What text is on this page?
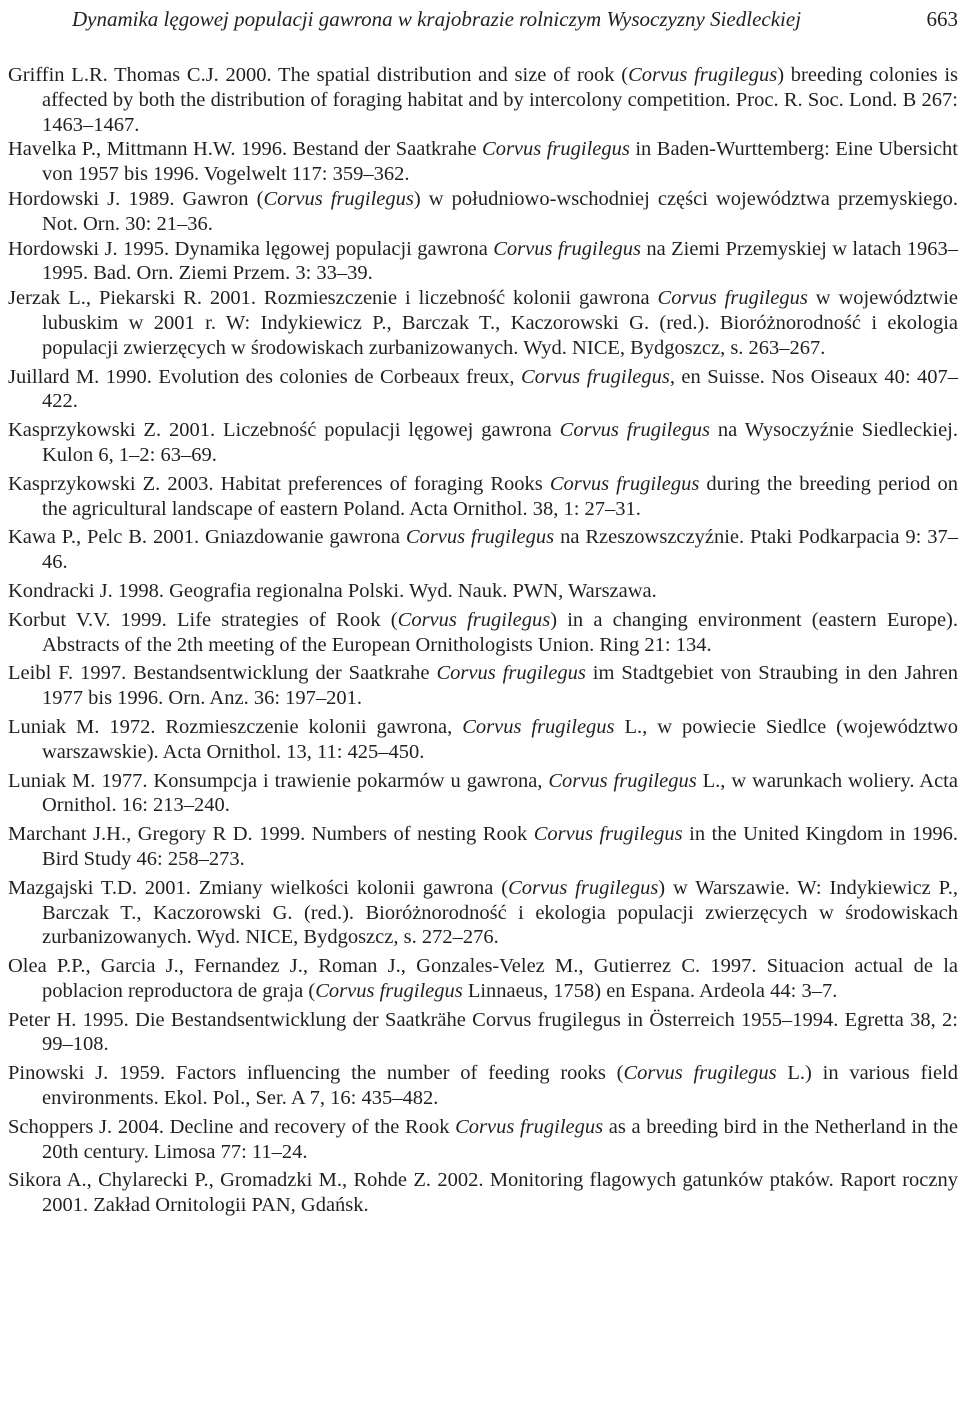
Dynamika lęgowej populacji gawrona w krajobrazie rolniczym Wysoczyzny Siedleckiej	663
Griffin L.R. Thomas C.J. 2000. The spatial distribution and size of rook (Corvus frugilegus) breeding colonies is affected by both the distribution of foraging habitat and by intercolony competition. Proc. R. Soc. Lond. B 267: 1463–1467.
Havelka P., Mittmann H.W. 1996. Bestand der Saatkrahe Corvus frugilegus in Baden-Wurttemberg: Eine Ubersicht von 1957 bis 1996. Vogelwelt 117: 359–362.
Hordowski J. 1989. Gawron (Corvus frugilegus) w południowo-wschodniej części województwa przemyskiego. Not. Orn. 30: 21–36.
Hordowski J. 1995. Dynamika lęgowej populacji gawrona Corvus frugilegus na Ziemi Przemyskiej w latach 1963–1995. Bad. Orn. Ziemi Przem. 3: 33–39.
Jerzak L., Piekarski R. 2001. Rozmieszczenie i liczebność kolonii gawrona Corvus frugilegus w województwie lubuskim w 2001 r. W: Indykiewicz P., Barczak T., Kaczorowski G. (red.). Bioróżnorodność i ekologia populacji zwierzęcych w środowiskach zurbanizowanych. Wyd. NICE, Bydgoszcz, s. 263–267.
Juillard M. 1990. Evolution des colonies de Corbeaux freux, Corvus frugilegus, en Suisse. Nos Oiseaux 40: 407–422.
Kasprzykowski Z. 2001. Liczebność populacji lęgowej gawrona Corvus frugilegus na Wysoczyźnie Siedleckiej. Kulon 6, 1–2: 63–69.
Kasprzykowski Z. 2003. Habitat preferences of foraging Rooks Corvus frugilegus during the breeding period on the agricultural landscape of eastern Poland. Acta Ornithol. 38, 1: 27–31.
Kawa P., Pelc B. 2001. Gniazdowanie gawrona Corvus frugilegus na Rzeszowszczyźnie. Ptaki Podkarpacia 9: 37–46.
Kondracki J. 1998. Geografia regionalna Polski. Wyd. Nauk. PWN, Warszawa.
Korbut V.V. 1999. Life strategies of Rook (Corvus frugilegus) in a changing environment (eastern Europe). Abstracts of the 2th meeting of the European Ornithologists Union. Ring 21: 134.
Leibl F. 1997. Bestandsentwicklung der Saatkrahe Corvus frugilegus im Stadtgebiet von Straubing in den Jahren 1977 bis 1996. Orn. Anz. 36: 197–201.
Luniak M. 1972. Rozmieszczenie kolonii gawrona, Corvus frugilegus L., w powiecie Siedlce (województwo warszawskie). Acta Ornithol. 13, 11: 425–450.
Luniak M. 1977. Konsumpcja i trawienie pokarmów u gawrona, Corvus frugilegus L., w warunkach woliery. Acta Ornithol. 16: 213–240.
Marchant J.H., Gregory R D. 1999. Numbers of nesting Rook Corvus frugilegus in the United Kingdom in 1996. Bird Study 46: 258–273.
Mazgajski T.D. 2001. Zmiany wielkości kolonii gawrona (Corvus frugilegus) w Warszawie. W: Indykiewicz P., Barczak T., Kaczorowski G. (red.). Bioróżnorodność i ekologia populacji zwierzęcych w środowiskach zurbanizowanych. Wyd. NICE, Bydgoszcz, s. 272–276.
Olea P.P., Garcia J., Fernandez J., Roman J., Gonzales-Velez M., Gutierrez C. 1997. Situacion actual de la poblacion reproductora de graja (Corvus frugilegus Linnaeus, 1758) en Espana. Ardeola 44: 3–7.
Peter H. 1995. Die Bestandsentwicklung der Saatkrähe Corvus frugilegus in Österreich 1955–1994. Egretta 38, 2: 99–108.
Pinowski J. 1959. Factors influencing the number of feeding rooks (Corvus frugilegus L.) in various field environments. Ekol. Pol., Ser. A 7, 16: 435–482.
Schoppers J. 2004. Decline and recovery of the Rook Corvus frugilegus as a breeding bird in the Netherland in the 20th century. Limosa 77: 11–24.
Sikora A., Chylarecki P., Gromadzki M., Rohde Z. 2002. Monitoring flagowych gatunków ptaków. Raport roczny 2001. Zakład Ornitologii PAN, Gdańsk.
